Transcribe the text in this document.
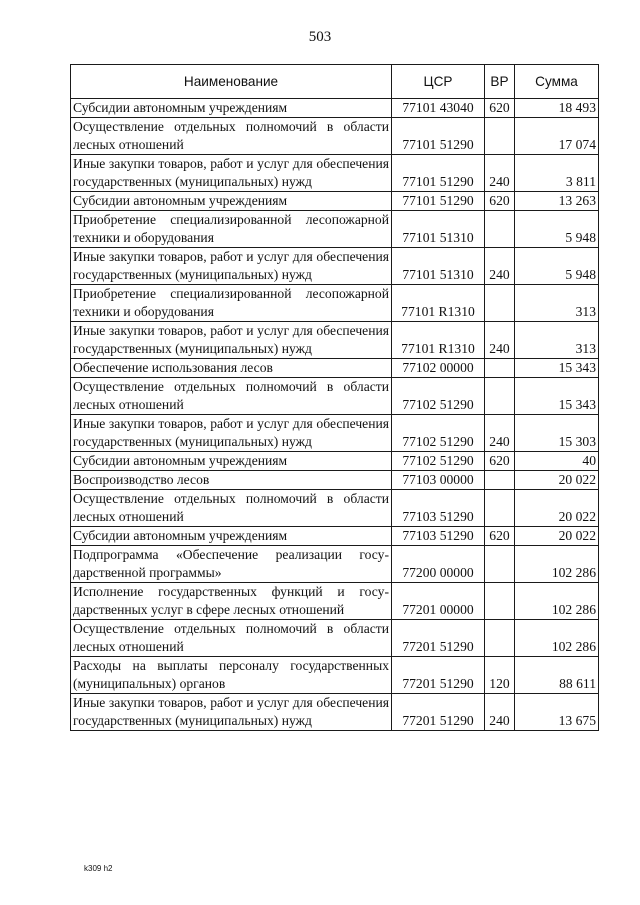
503
Наименование	ЦСР	ВР	Сумма
Субсидии автономным учреждениям	77101 43040	620	18 493
Осуществление отдельных полномочий в области лесных отношений	77101 51290		17 074
Иные закупки товаров, работ и услуг для обеспечения государственных (муниципальных) нужд	77101 51290	240	3 811
Субсидии автономным учреждениям	77101 51290	620	13 263
Приобретение специализированной лесопожарной техники и оборудования	77101 51310		5 948
Иные закупки товаров, работ и услуг для обеспечения государственных (муниципальных) нужд	77101 51310	240	5 948
Приобретение специализированной лесопожарной техники и оборудования	77101 R1310		313
Иные закупки товаров, работ и услуг для обеспечения государственных (муниципальных) нужд	77101 R1310	240	313
Обеспечение использования лесов	77102 00000		15 343
Осуществление отдельных полномочий в области лесных отношений	77102 51290		15 343
Иные закупки товаров, работ и услуг для обеспечения государственных (муниципальных) нужд	77102 51290	240	15 303
Субсидии автономным учреждениям	77102 51290	620	40
Воспроизводство лесов	77103 00000		20 022
Осуществление отдельных полномочий в области лесных отношений	77103 51290		20 022
Субсидии автономным учреждениям	77103 51290	620	20 022
Подпрограмма «Обеспечение реализации государственной программы»	77200 00000		102 286
Исполнение государственных функций и государственных услуг в сфере лесных отношений	77201 00000		102 286
Осуществление отдельных полномочий в области лесных отношений	77201 51290		102 286
Расходы на выплаты персоналу государственных (муниципальных) органов	77201 51290	120	88 611
Иные закупки товаров, работ и услуг для обеспечения государственных (муниципальных) нужд	77201 51290	240	13 675
k309 h2
